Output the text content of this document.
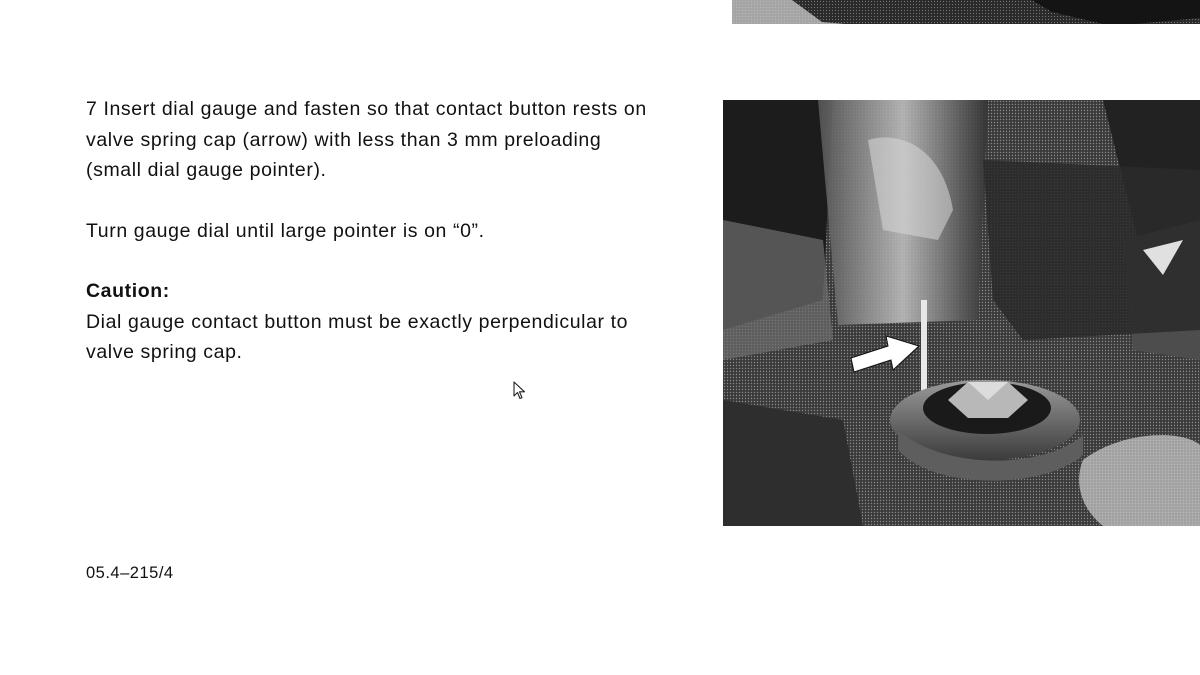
7 Insert dial gauge and fasten so that contact button rests on valve spring cap (arrow) with less than 3 mm preloading (small dial gauge pointer).

Turn gauge dial until large pointer is on “0”.

Caution:

Dial gauge contact button must be exactly perpendicular to valve spring cap.

05.4–215/4
